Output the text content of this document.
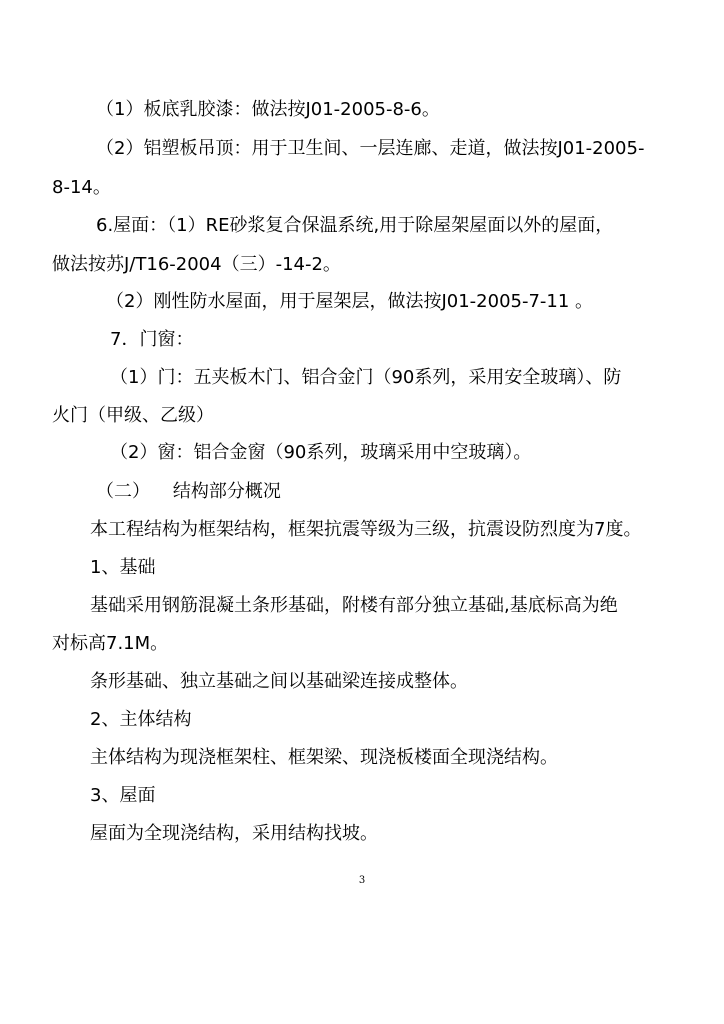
（1）板底乳胶漆：做法按J01-2005-8-6。
（2）铝塑板吊顶：用于卫生间、一层连廊、走道，做法按J01-2005-
8-14。
6.屋面：（1）RE砂浆复合保温系统,用于除屋架屋面以外的屋面，
做法按苏J/T16-2004（三）-14-2。
（2）刚性防水屋面，用于屋架层，做法按J01-2005-7-11 。
7．门窗：
（1）门：五夹板木门、铝合金门（90系列，采用安全玻璃）、防
火门（甲级、乙级）
（2）窗：铝合金窗（90系列，玻璃采用中空玻璃）。
（二）    结构部分概况
本工程结构为框架结构，框架抗震等级为三级，抗震设防烈度为7度。
1、基础
基础采用钢筋混凝土条形基础，附楼有部分独立基础,基底标高为绝
对标高7.1M。
条形基础、独立基础之间以基础梁连接成整体。
2、主体结构
主体结构为现浇框架柱、框架梁、现浇板楼面全现浇结构。
3、屋面
屋面为全现浇结构，采用结构找坡。
3
